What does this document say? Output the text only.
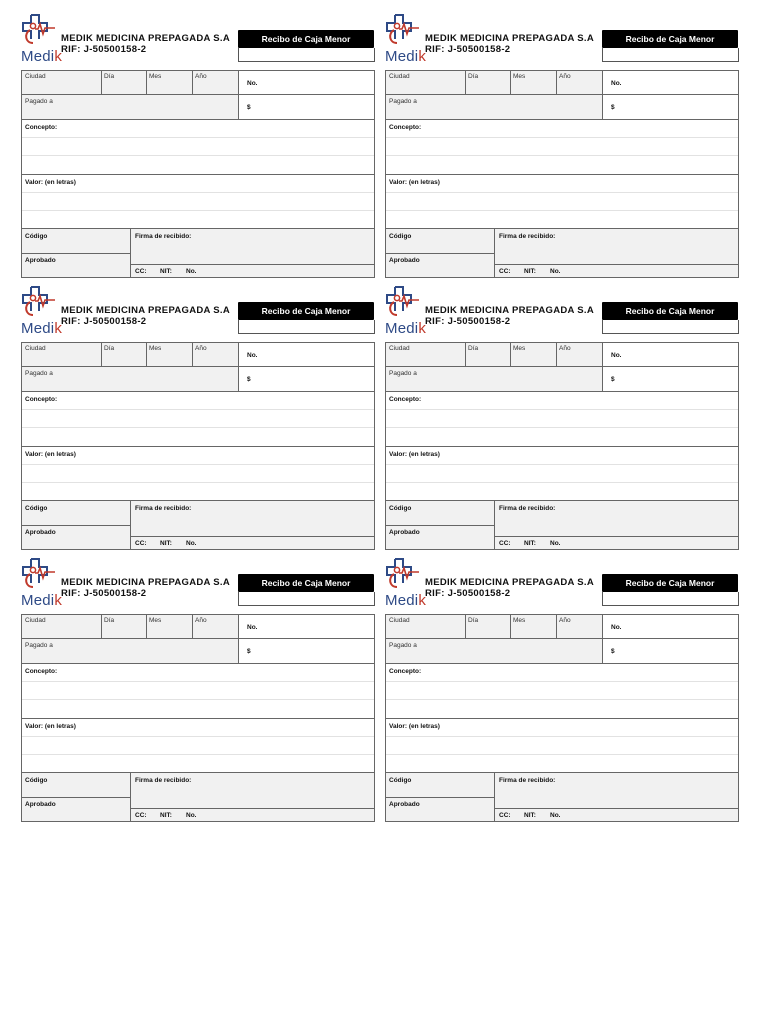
Medik
MEDIK MEDICINA PREPAGADA S.A
RIF: J-50500158-2
Recibo de Caja Menor
Ciudad	Día	Mes	Año
No.
Pagado a
$
Concepto:
Valor: (en letras)
Código	Firma de recibido:
Aprobado
CC: NIT: No.
Medik
MEDIK MEDICINA PREPAGADA S.A
RIF: J-50500158-2
Recibo de Caja Menor
Ciudad	Día	Mes	Año
No.
Pagado a
$
Concepto:
Valor: (en letras)
Código	Firma de recibido:
Aprobado
CC: NIT: No.
Medik
MEDIK MEDICINA PREPAGADA S.A
RIF: J-50500158-2
Recibo de Caja Menor
Ciudad	Día	Mes	Año
No.
Pagado a
$
Concepto:
Valor: (en letras)
Código	Firma de recibido:
Aprobado
CC: NIT: No.
Medik
MEDIK MEDICINA PREPAGADA S.A
RIF: J-50500158-2
Recibo de Caja Menor
Ciudad	Día	Mes	Año
No.
Pagado a
$
Concepto:
Valor: (en letras)
Código	Firma de recibido:
Aprobado
CC: NIT: No.
Medik
MEDIK MEDICINA PREPAGADA S.A
RIF: J-50500158-2
Recibo de Caja Menor
Ciudad	Día	Mes	Año
No.
Pagado a
$
Concepto:
Valor: (en letras)
Código	Firma de recibido:
Aprobado
CC: NIT: No.
Medik
MEDIK MEDICINA PREPAGADA S.A
RIF: J-50500158-2
Recibo de Caja Menor
Ciudad	Día	Mes	Año
No.
Pagado a
$
Concepto:
Valor: (en letras)
Código	Firma de recibido:
Aprobado
CC: NIT: No.
